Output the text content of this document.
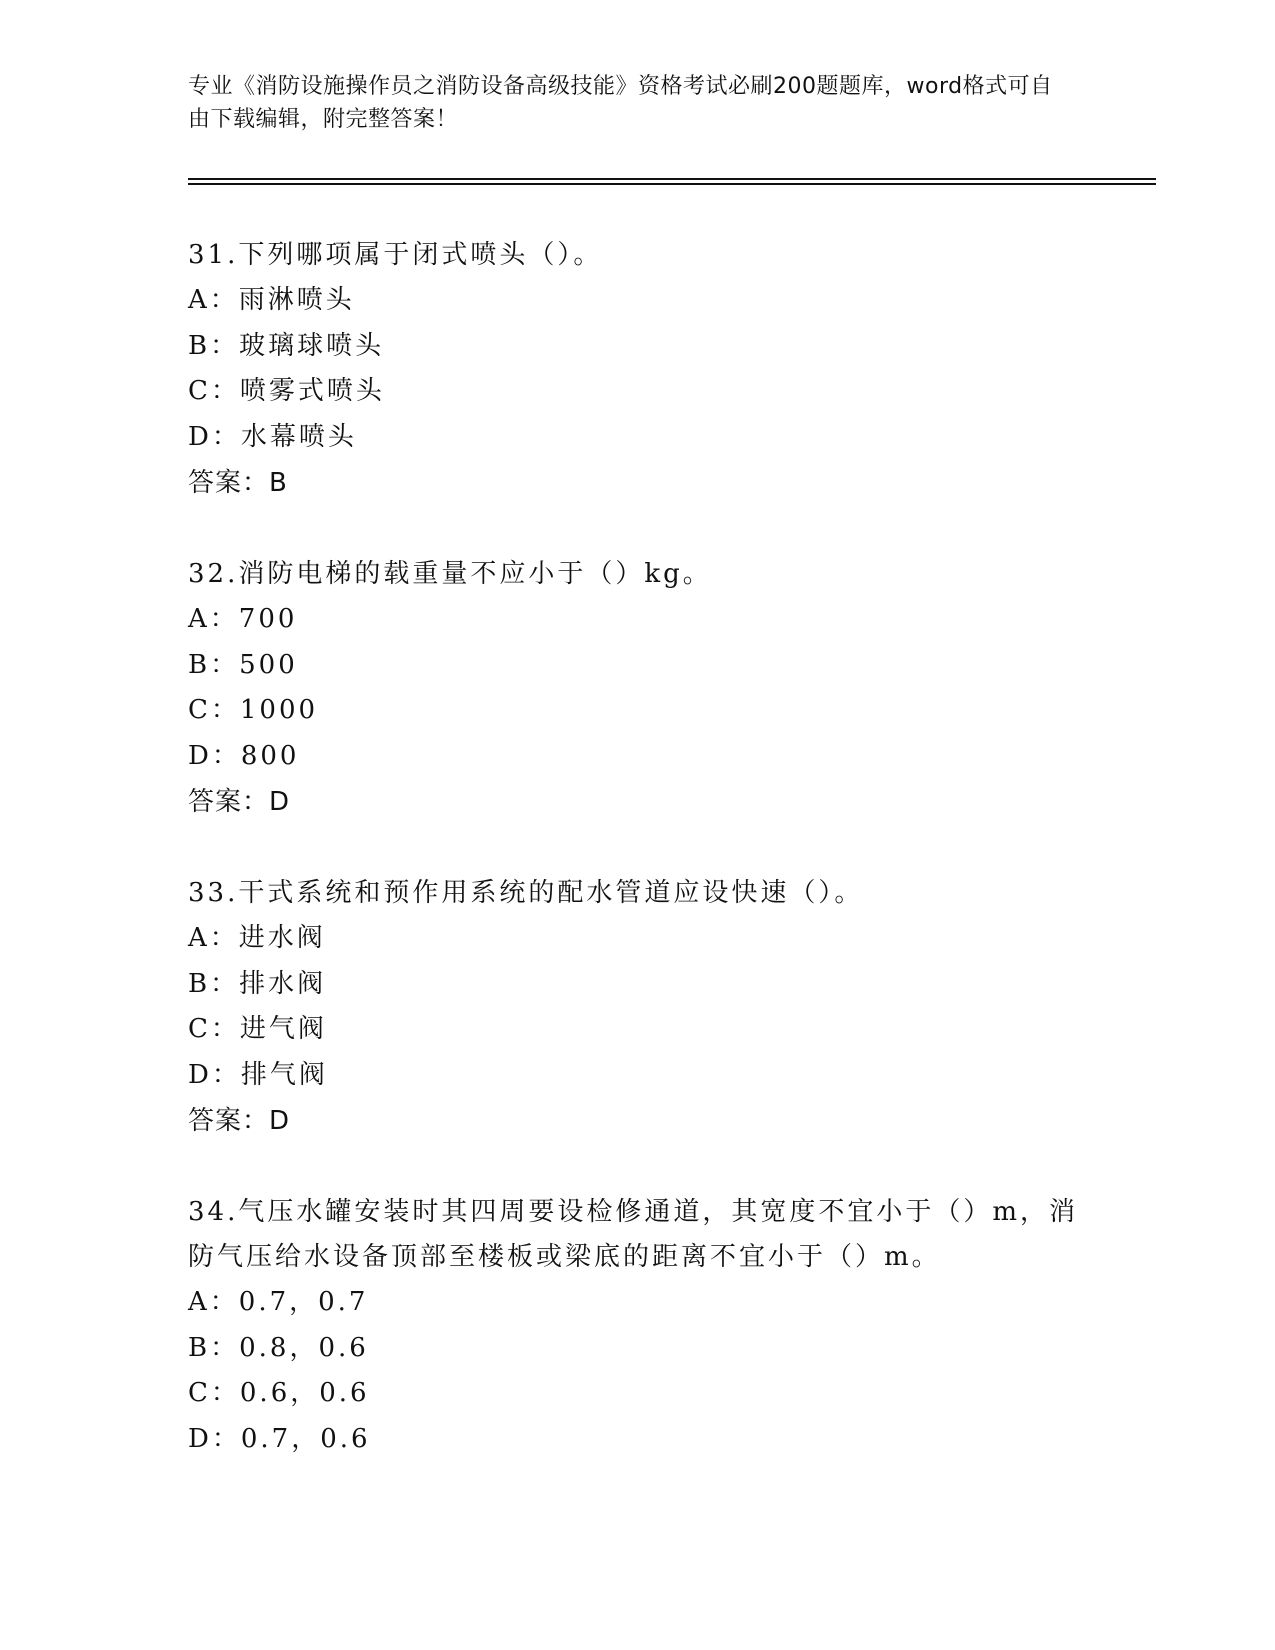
专业《消防设施操作员之消防设备高级技能》资格考试必刷200题题库，word格式可自由下载编辑，附完整答案！

31.下列哪项属于闭式喷头（）。

A：雨淋喷头

B：玻璃球喷头

C：喷雾式喷头

D：水幕喷头

答案：B

32.消防电梯的载重量不应小于（）kg。

A：700

B：500

C：1000

D：800

答案：D

33.干式系统和预作用系统的配水管道应设快速（）。

A：进水阀

B：排水阀

C：进气阀

D：排气阀

答案：D

34.气压水罐安装时其四周要设检修通道，其宽度不宜小于（）m，消防气压给水设备顶部至楼板或梁底的距离不宜小于（）m。

A：0.7，0.7

B：0.8，0.6

C：0.6，0.6

D：0.7，0.6
